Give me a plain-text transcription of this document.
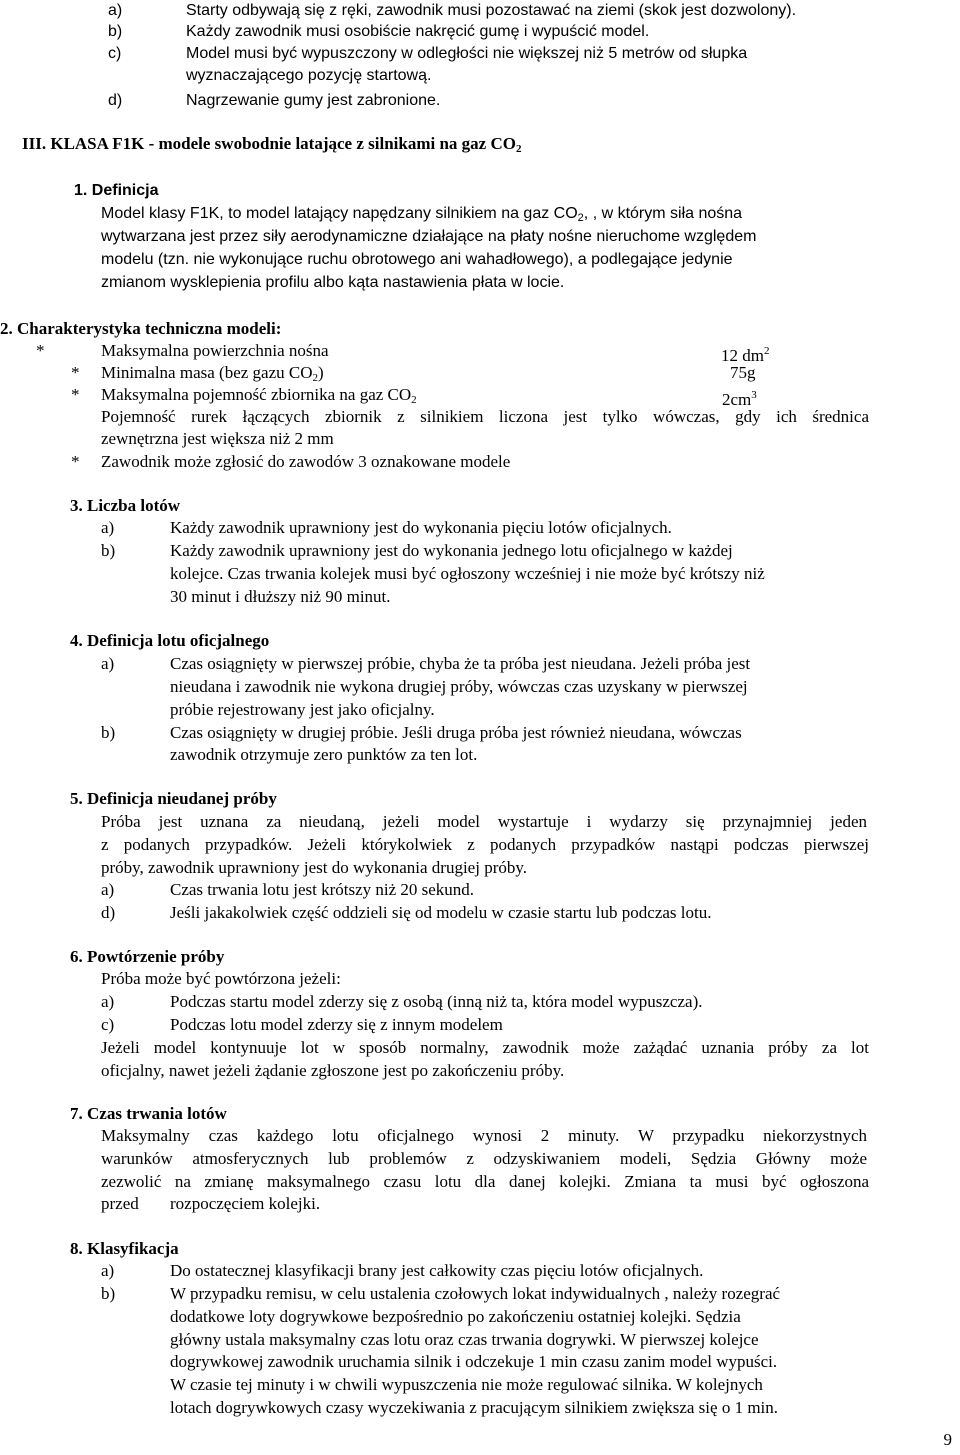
a)	Starty odbywają się z ręki, zawodnik musi pozostawać na ziemi (skok jest dozwolony).
b)	Każdy zawodnik musi osobiście nakręcić gumę i wypuścić model.
c)	Model musi być wypuszczony w odległości nie większej niż 5 metrów od słupka
wyznaczającego pozycję startową.
d)	Nagrzewanie gumy jest zabronione.
III. KLASA F1K - modele swobodnie latające z silnikami na gaz $CO_2$
1. Definicja
Model klasy F1K, to model latający napędzany silnikiem na gaz $CO_2$, , w którym siła nośna
wytwarzana jest przez siły aerodynamiczne działające na płaty nośne nieruchome względem
modelu (tzn. nie wykonujące ruchu obrotowego ani wahadłowego), a podlegające jedynie
zmianom wysklepienia profilu albo kąta nastawienia płata w locie.
2. Charakterystyka techniczna modeli:
*	Maksymalna powierzchnia nośna	12 $dm^2$
* Minimalna masa (bez gazu $CO_2$)	75g
* Maksymalna pojemność zbiornika na gaz $CO_2$	$2cm^3$
Pojemność rurek łączących zbiornik z silnikiem liczona jest tylko wówczas, gdy ich średnica
zewnętrzna jest większa niż 2 mm
* Zawodnik może zgłosić do zawodów 3 oznakowane modele
3. Liczba lotów
a)	Każdy zawodnik uprawniony jest do wykonania pięciu lotów oficjalnych.
b)	Każdy zawodnik uprawniony jest do wykonania jednego lotu oficjalnego w każdej
kolejce. Czas trwania kolejek musi być ogłoszony wcześniej i nie może być krótszy niż
30 minut i dłuższy niż 90 minut.
4. Definicja lotu oficjalnego
a)	Czas osiągnięty w pierwszej próbie, chyba że ta próba jest nieudana. Jeżeli próba jest
nieudana i zawodnik nie wykona drugiej próby, wówczas czas uzyskany w pierwszej
próbie rejestrowany jest jako oficjalny.
b)	Czas osiągnięty w drugiej próbie. Jeśli druga próba jest również nieudana, wówczas
zawodnik otrzymuje zero punktów za ten lot.
5. Definicja nieudanej próby
Próba jest uznana za nieudaną, jeżeli model wystartuje i wydarzy się przynajmniej jeden
z podanych przypadków. Jeżeli którykolwiek z podanych przypadków nastąpi podczas pierwszej
próby, zawodnik uprawniony jest do wykonania drugiej próby.
a)	Czas trwania lotu jest krótszy niż 20 sekund.
d)	Jeśli jakakolwiek część oddzieli się od modelu w czasie startu lub podczas lotu.
6. Powtórzenie próby
Próba może być powtórzona jeżeli:
a)	Podczas startu model zderzy się z osobą (inną niż ta, która model wypuszcza).
c)	Podczas lotu model zderzy się z innym modelem
Jeżeli model kontynuuje lot w sposób normalny, zawodnik może zażądać uznania próby za lot
oficjalny, nawet jeżeli żądanie zgłoszone jest po zakończeniu próby.
7. Czas trwania lotów
Maksymalny czas każdego lotu oficjalnego wynosi 2 minuty. W przypadku niekorzystnych
warunków atmosferycznych lub problemów z odzyskiwaniem modeli, Sędzia Główny może
zezwolić na zmianę maksymalnego czasu lotu dla danej kolejki. Zmiana ta musi być ogłoszona
przed rozpoczęciem kolejki.
8. Klasyfikacja
a)	Do ostatecznej klasyfikacji brany jest całkowity czas pięciu lotów oficjalnych.
b)	W przypadku remisu, w celu ustalenia czołowych lokat indywidualnych , należy rozegrać
dodatkowe loty dogrywkowe bezpośrednio po zakończeniu ostatniej kolejki. Sędzia
główny ustala maksymalny czas lotu oraz czas trwania dogrywki. W pierwszej kolejce
dogrywkowej zawodnik uruchamia silnik i odczekuje 1 min czasu zanim model wypuści.
W czasie tej minuty i w chwili wypuszczenia nie może regulować silnika. W kolejnych
lotach dogrywkowych czasy wyczekiwania z pracującym silnikiem zwiększa się o 1 min.
9
